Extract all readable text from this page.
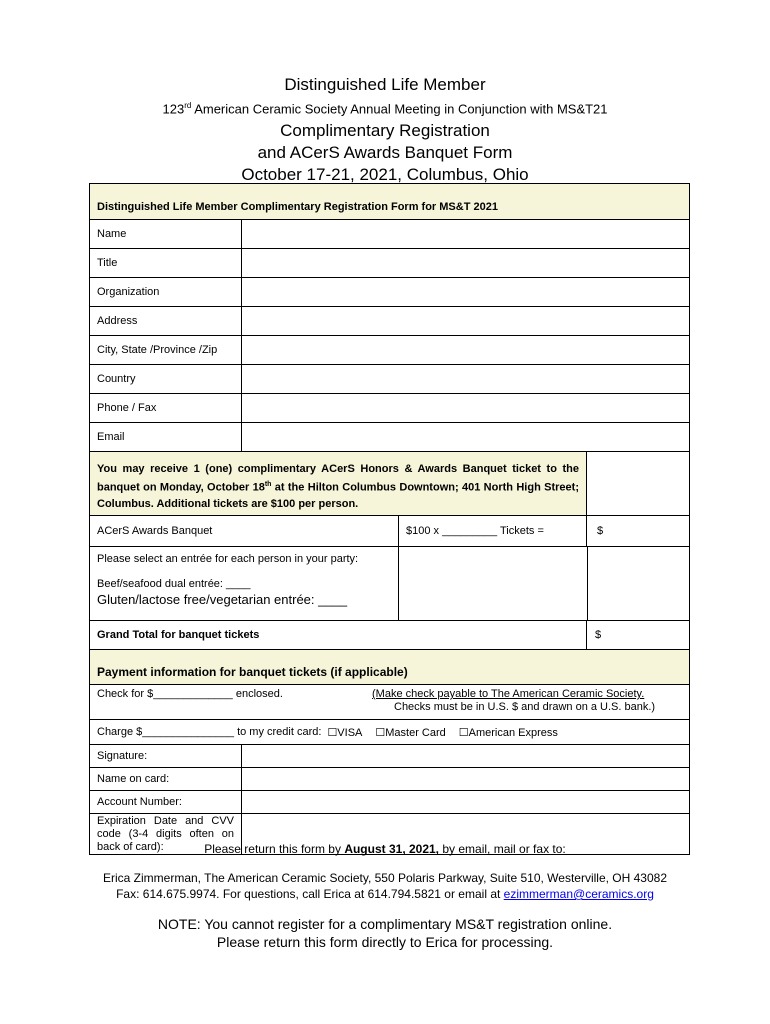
Distinguished Life Member

123rd American Ceramic Society Annual Meeting in Conjunction with MS&T21

Complimentary Registration

and ACerS Awards Banquet Form

October 17-21, 2021, Columbus, Ohio

Distinguished Life Member Complimentary Registration Form for MS&T 2021
Name
Title
Organization
Address
City, State /Province /Zip
Country
Phone / Fax
Email
You may receive 1 (one) complimentary ACerS Honors & Awards Banquet ticket to the banquet on Monday, October 18th at the Hilton Columbus Downtown; 401 North High Street; Columbus. Additional tickets are $100 per person.
ACerS Awards Banquet	$100 x _________ Tickets =	$
Please select an entrée for each person in your party:
Beef/seafood dual entrée: ____
Gluten/lactose free/vegetarian entrée: ____
Grand Total for banquet tickets	$
Payment information for banquet tickets (if applicable)
Check for $_____________ enclosed.	(Make check payable to The American Ceramic Society.
Checks must be in U.S. $ and drawn on a U.S. bank.)
Charge $_______________ to my credit card: ☐VISA ☐Master Card ☐American Express
Signature:
Name on card:
Account Number:
Expiration Date and CVV code (3-4 digits often on back of card):	Please return this form by August 31, 2021, by email, mail or fax to:
Erica Zimmerman, The American Ceramic Society, 550 Polaris Parkway, Suite 510, Westerville, OH 43082
Fax: 614.675.9974. For questions, call Erica at 614.794.5821 or email at ezimmerman@ceramics.org
NOTE: You cannot register for a complimentary MS&T registration online.
Please return this form directly to Erica for processing.
